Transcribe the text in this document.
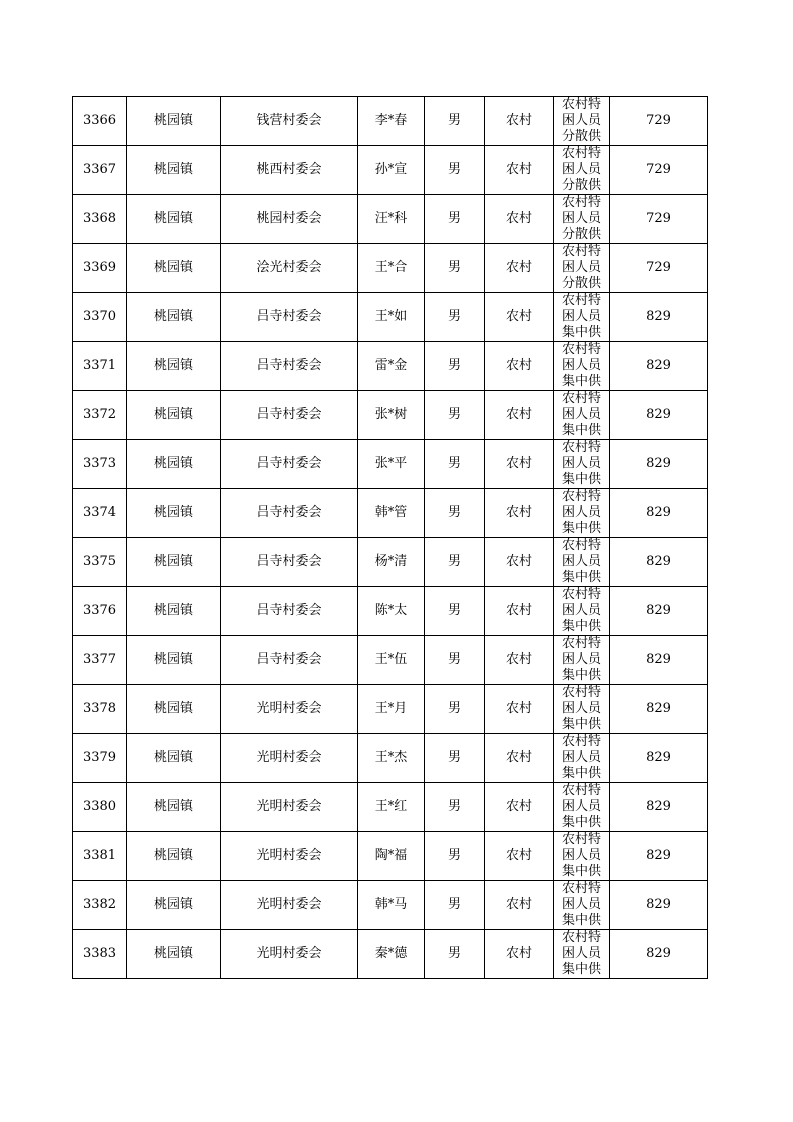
3366	桃园镇	钱营村委会	李*春	男	农村	农村特
困人员
分散供	729
3367	桃园镇	桃西村委会	孙*宣	男	农村	农村特
困人员
分散供	729
3368	桃园镇	桃园村委会	汪*科	男	农村	农村特
困人员
分散供	729
3369	桃园镇	浍光村委会	王*合	男	农村	农村特
困人员
分散供	729
3370	桃园镇	吕寺村委会	王*如	男	农村	农村特
困人员
集中供	829
3371	桃园镇	吕寺村委会	雷*金	男	农村	农村特
困人员
集中供	829
3372	桃园镇	吕寺村委会	张*树	男	农村	农村特
困人员
集中供	829
3373	桃园镇	吕寺村委会	张*平	男	农村	农村特
困人员
集中供	829
3374	桃园镇	吕寺村委会	韩*管	男	农村	农村特
困人员
集中供	829
3375	桃园镇	吕寺村委会	杨*清	男	农村	农村特
困人员
集中供	829
3376	桃园镇	吕寺村委会	陈*太	男	农村	农村特
困人员
集中供	829
3377	桃园镇	吕寺村委会	王*伍	男	农村	农村特
困人员
集中供	829
3378	桃园镇	光明村委会	王*月	男	农村	农村特
困人员
集中供	829
3379	桃园镇	光明村委会	王*杰	男	农村	农村特
困人员
集中供	829
3380	桃园镇	光明村委会	王*红	男	农村	农村特
困人员
集中供	829
3381	桃园镇	光明村委会	陶*福	男	农村	农村特
困人员
集中供	829
3382	桃园镇	光明村委会	韩*马	男	农村	农村特
困人员
集中供	829
3383	桃园镇	光明村委会	秦*德	男	农村	农村特
困人员
集中供	829
